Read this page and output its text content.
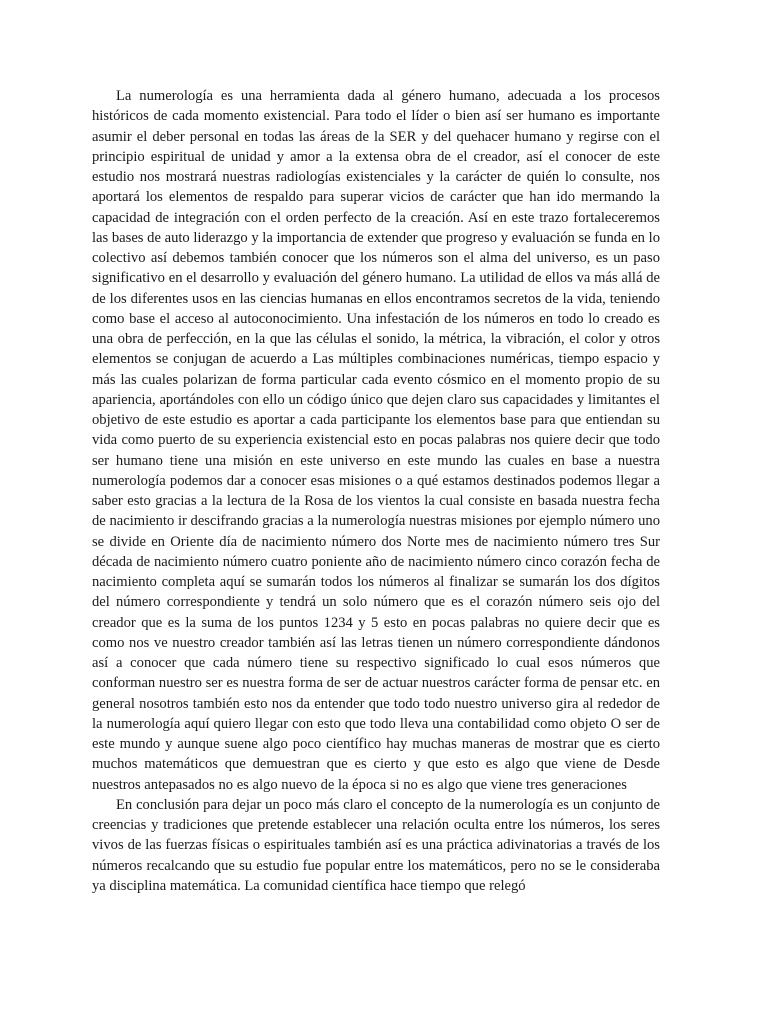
La numerología es una herramienta dada al género humano, adecuada a los procesos históricos de cada momento existencial. Para todo el líder o bien así ser humano es importante asumir el deber personal en todas las áreas de la SER y del quehacer humano y regirse con el principio espiritual de unidad y amor a la extensa obra de el creador, así el conocer de este estudio nos mostrará nuestras radiologías existenciales y la carácter de quién lo consulte, nos aportará los elementos de respaldo para superar vicios de carácter que han ido mermando la capacidad de integración con el orden perfecto de la creación. Así en este trazo fortaleceremos las bases de auto liderazgo y la importancia de extender que progreso y evaluación se funda en lo colectivo así debemos también conocer que los números son el alma del universo, es un paso significativo en el desarrollo y evaluación del género humano. La utilidad de ellos va más allá de de los diferentes usos en las ciencias humanas en ellos encontramos secretos de la vida, teniendo como base el acceso al autoconocimiento. Una infestación de los números en todo lo creado es una obra de perfección, en la que las células el sonido, la métrica, la vibración, el color y otros elementos se conjugan de acuerdo a Las múltiples combinaciones numéricas, tiempo espacio y más las cuales polarizan de forma particular cada evento cósmico en el momento propio de su apariencia, aportándoles con ello un código único que dejen claro sus capacidades y limitantes el objetivo de este estudio es aportar a cada participante los elementos base para que entiendan su vida como puerto de su experiencia existencial esto en pocas palabras nos quiere decir que todo ser humano tiene una misión en este universo en este mundo las cuales en base a nuestra numerología podemos dar a conocer esas misiones o a qué estamos destinados podemos llegar a saber esto gracias a la lectura de la Rosa de los vientos la cual consiste en basada nuestra fecha de nacimiento ir descifrando gracias a la numerología nuestras misiones por ejemplo número uno se divide en Oriente día de nacimiento número dos Norte mes de nacimiento número tres Sur década de nacimiento número cuatro poniente año de nacimiento número cinco corazón fecha de nacimiento completa aquí se sumarán todos los números al finalizar se sumarán los dos dígitos del número correspondiente y tendrá un solo número que es el corazón número seis ojo del creador que es la suma de los puntos 1234 y 5 esto en pocas palabras no quiere decir que es como nos ve nuestro creador también así las letras tienen un número correspondiente dándonos así a conocer que cada número tiene su respectivo significado lo cual esos números que conforman nuestro ser es nuestra forma de ser de actuar nuestros carácter forma de pensar etc. en general nosotros también esto nos da entender que todo todo nuestro universo gira al rededor de la numerología aquí quiero llegar con esto que todo lleva una contabilidad como objeto O ser de este mundo y aunque suene algo poco científico hay muchas maneras de mostrar que es cierto muchos matemáticos que demuestran que es cierto y que esto es algo que viene de Desde nuestros antepasados no es algo nuevo de la época si no es algo que viene tres generaciones

En conclusión para dejar un poco más claro el concepto de la numerología es un conjunto de creencias y tradiciones que pretende establecer una relación oculta entre los números, los seres vivos de las fuerzas físicas o espirituales también así es una práctica adivinatorias a través de los números recalcando que su estudio fue popular entre los matemáticos, pero no se le consideraba ya disciplina matemática. La comunidad científica hace tiempo que relegó
